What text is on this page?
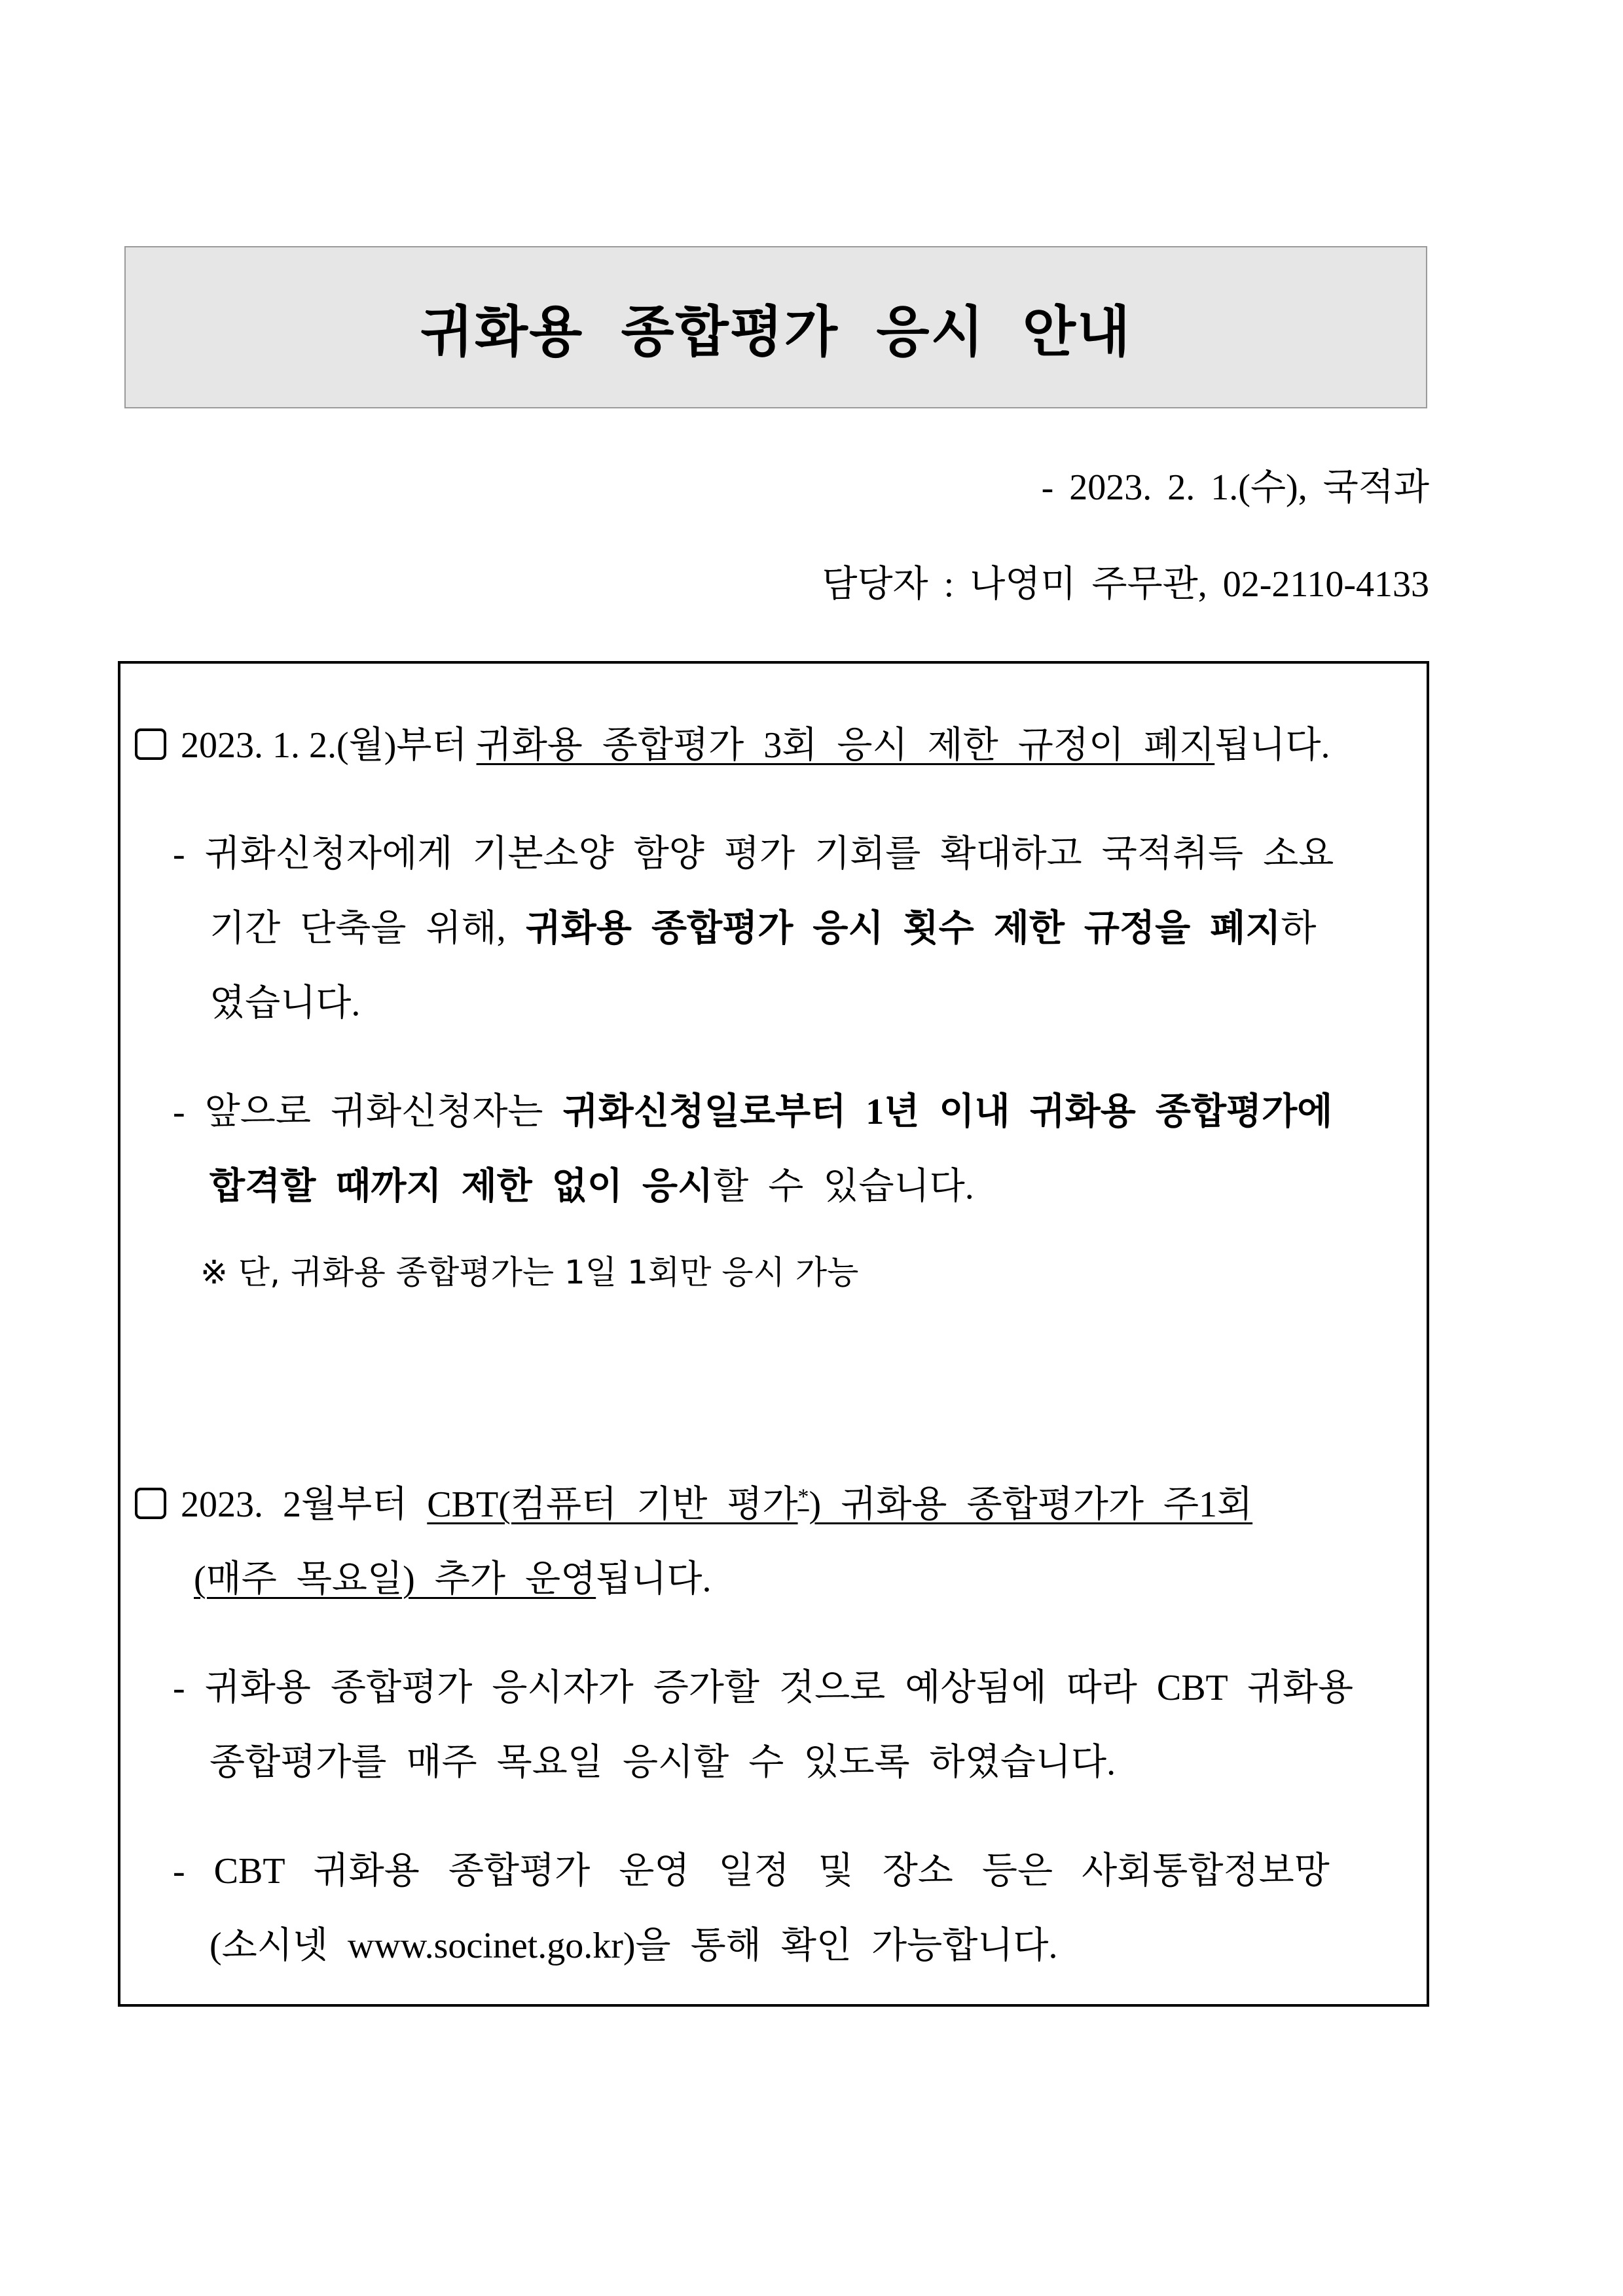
귀화용 종합평가 응시 안내
- 2023. 2. 1.(수), 국적과
담당자 : 나영미 주무관, 02-2110-4133
2023. 1. 2.(월)부터 귀화용 종합평가 3회 응시 제한 규정이 폐지됩니다.
- 귀화신청자에게 기본소양 함양 평가 기회를 확대하고 국적취득 소요
기간 단축을 위해, 귀화용 종합평가 응시 횟수 제한 규정을 폐지하
였습니다.
- 앞으로 귀화신청자는 귀화신청일로부터 1년 이내 귀화용 종합평가에
합격할 때까지 제한 없이 응시할 수 있습니다.
※ 단, 귀화용 종합평가는 1일 1회만 응시 가능
2023. 2월부터 CBT(컴퓨터 기반 평가*) 귀화용 종합평가가 주1회
(매주 목요일) 추가 운영됩니다.
- 귀화용 종합평가 응시자가 증가할 것으로 예상됨에 따라 CBT 귀화용
종합평가를 매주 목요일 응시할 수 있도록 하였습니다.
- CBT 귀화용 종합평가 운영 일정 및 장소 등은 사회통합정보망
(소시넷 www.socinet.go.kr)을 통해 확인 가능합니다.
